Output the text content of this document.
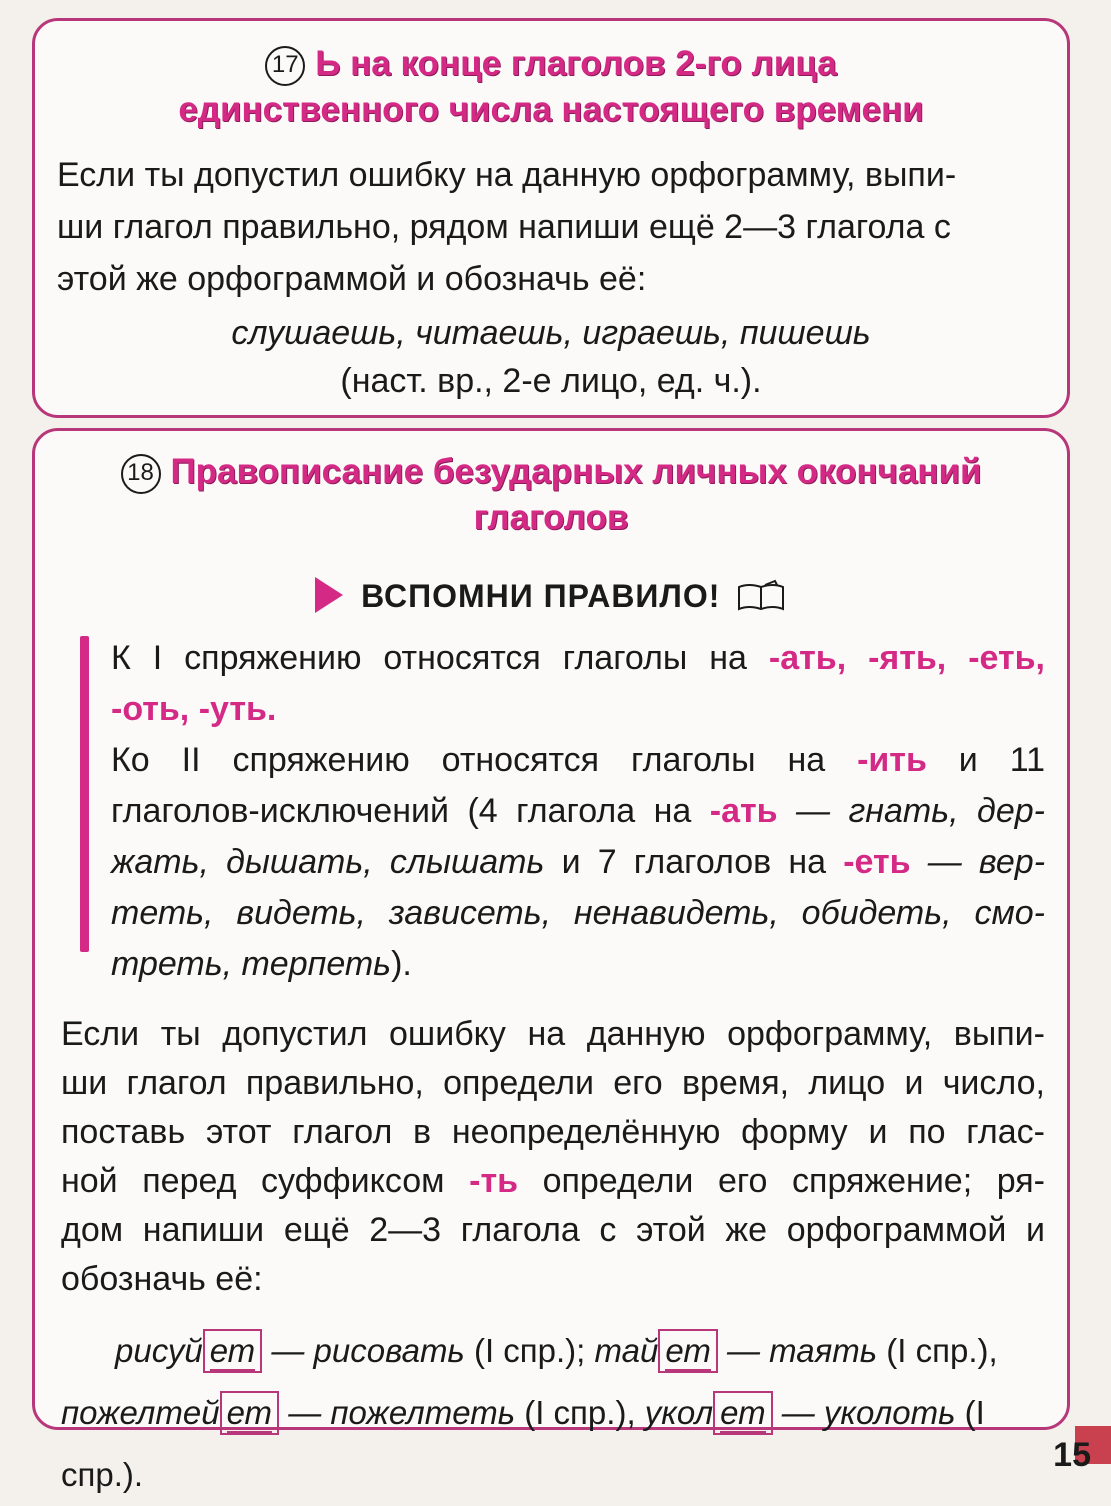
17 Ь на конце глаголов 2-го лица
единственного числа настоящего времени
Если ты допустил ошибку на данную орфограмму, выпи-
ши глагол правильно, рядом напиши ещё 2—3 глагола с
этой же орфограммой и обозначь её:
слушаешь, читаешь, играешь, пишешь
(наст. вр., 2-е лицо, ед. ч.).
18 Правописание безударных личных окончаний
глаголов
ВСПОМНИ ПРАВИЛО!
К I спряжению относятся глаголы на -ать, -ять, -еть,
-оть, -уть.
Ко II спряжению относятся глаголы на -ить и 11
глаголов-исключений (4 глагола на -ать — гнать, дер-
жать, дышать, слышать и 7 глаголов на -еть — вер-
теть, видеть, зависеть, ненавидеть, обидеть, смо-
треть, терпеть).
Если ты допустил ошибку на данную орфограмму, выпи-
ши глагол правильно, определи его время, лицо и число,
поставь этот глагол в неопределённую форму и по глас-
ной перед суффиксом -ть определи его спряжение; ря-
дом напиши ещё 2—3 глагола с этой же орфограммой и
обозначь её:
рисуй ет — рисовать (I спр.); тай ет — таять (I спр.),
пожелтей ет — пожелтеть (I спр.), укол ет — уколоть (I спр.).
15
